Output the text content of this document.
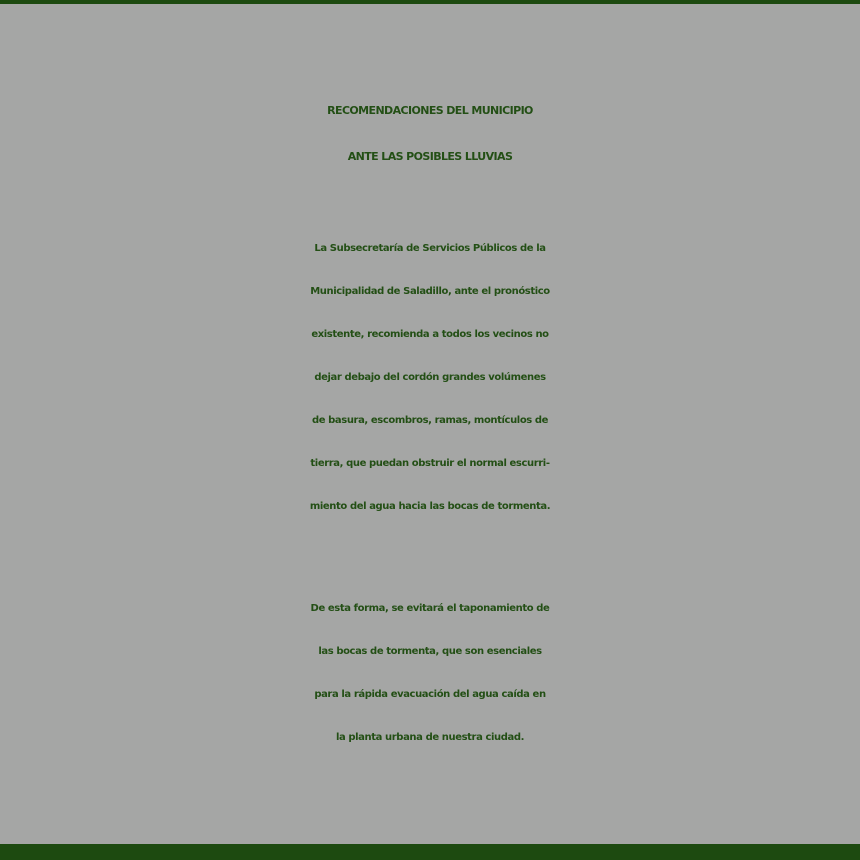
RECOMENDACIONES DEL MUNICIPIO
ANTE LAS POSIBLES LLUVIAS

La Subsecretaría de Servicios Públicos de la
Municipalidad de Saladillo, ante el pronóstico
existente, recomienda a todos los vecinos no
dejar debajo del cordón grandes volúmenes
de basura, escombros, ramas, montículos de
tierra, que puedan obstruir el normal escurri-
miento del agua hacia las bocas de tormenta.

De esta forma, se evitará el taponamiento de
las bocas de tormenta, que son esenciales
para la rápida evacuación del agua caída en
la planta urbana de nuestra ciudad.
